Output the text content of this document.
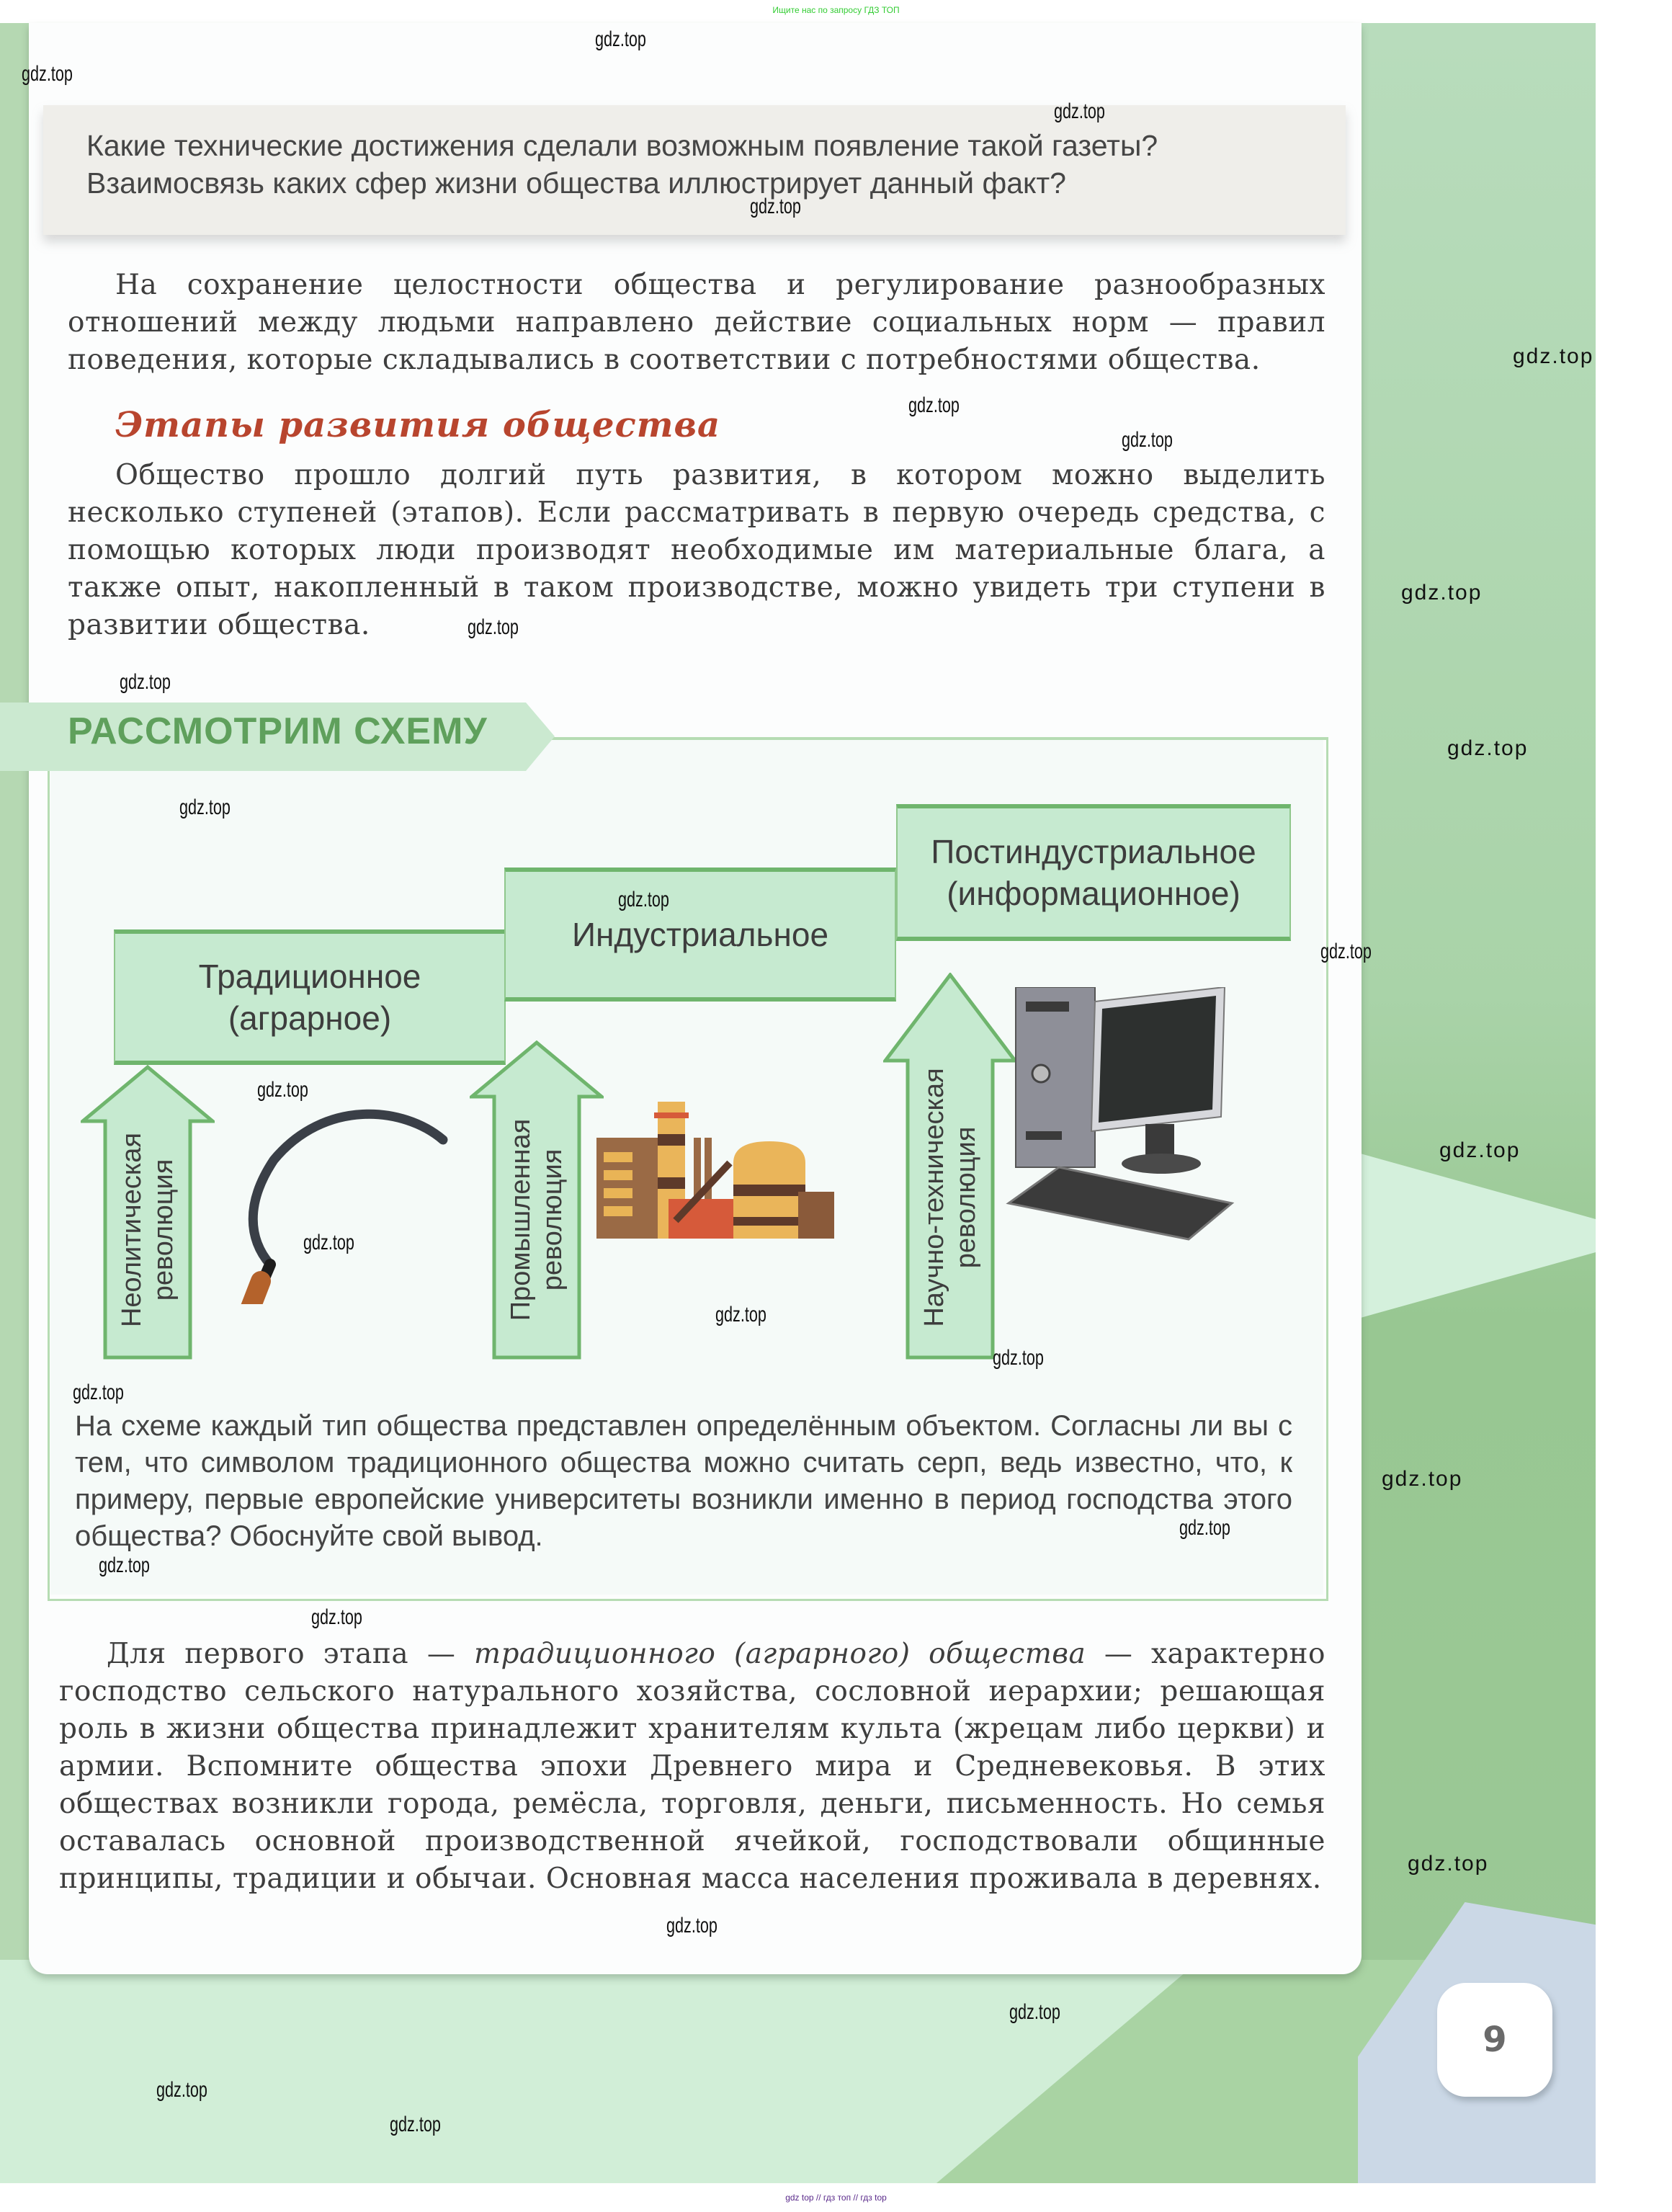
Ищите нас по запросу ГДЗ ТОП
Какие технические достижения сделали возможным появление такой газеты?
Взаимосвязь каких сфер жизни общества иллюстрирует данный факт?
На сохранение целостности общества и регулирование разнообразных отношений между людьми направлено действие социальных норм — правил поведения, которые складывались в соответствии с потребностями общества.
Этапы развития общества
Общество прошло долгий путь развития, в котором можно выделить несколько ступеней (этапов). Если рассматривать в первую очередь средства, с помощью которых люди производят необходимые им материальные блага, а также опыт, накопленный в таком производстве, можно увидеть три ступени в развитии общества.
РАССМОТРИМ СХЕМУ
Традиционное
(аграрное)
Индустриальное
Постиндустриальное
(информационное)
Неолитическая революция	Промышленная революция	Научно-техническая революция
На схеме каждый тип общества представлен определённым объектом. Согласны ли вы с тем, что символом традиционного общества можно считать серп, ведь известно, что, к примеру, первые европейские университеты возникли именно в период господства этого общества? Обоснуйте свой вывод.
Для первого этапа — традиционного (аграрного) общества — характерно господство сельского натурального хозяйства, сословной иерархии; решающая роль в жизни общества принадлежит хранителям культа (жрецам либо церкви) и армии. Вспомните общества эпохи Древнего мира и Средневековья. В этих обществах возникли города, ремёсла, торговля, деньги, письменность. Но семья оставалась основной производственной ячейкой, господствовали общинные принципы, традиции и обычаи. Основная масса населения проживала в деревнях.
9
gdz.top
gdz.top
gdz.top
gdz.top
gdz.top
gdz.top
gdz.top
gdz.top
gdz.top
gdz.top
gdz.top
gdz.top
gdz.top
gdz.top
gdz.top
gdz.top
gdz.top
gdz.top
gdz.top
gdz.top
gdz.top
gdz.top
gdz.top
gdz.top
gdz.top
gdz.top
gdz.top
gdz.top
gdz.top
gdz top // гдз топ // гдз top
